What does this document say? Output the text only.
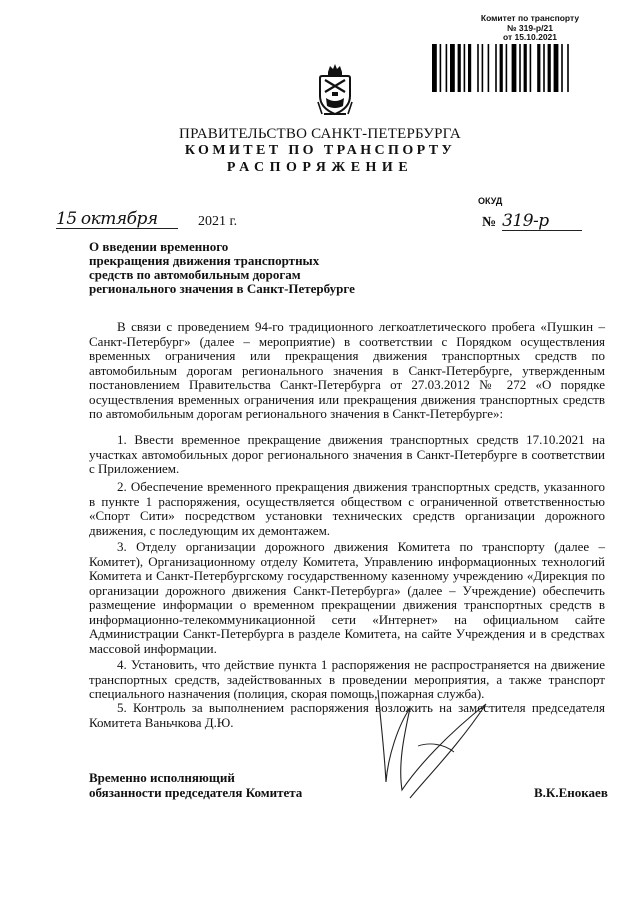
Комитет по транспорту
№ 319-р/21
от 15.10.2021
ПРАВИТЕЛЬСТВО САНКТ-ПЕТЕРБУРГА
КОМИТЕТ ПО ТРАНСПОРТУ
РАСПОРЯЖЕНИЕ
ОКУД
15 октября	2021 г.	№ 319-р
О введении временного
прекращения движения транспортных
средств по автомобильным дорогам
регионального значения в Санкт-Петербурге

В связи с проведением 94-го традиционного легкоатлетического пробега «Пушкин – Санкт-Петербург» (далее – мероприятие) в соответствии с Порядком осуществления временных ограничения или прекращения движения транспортных средств по автомобильным дорогам регионального значения в Санкт-Петербурге, утвержденным постановлением Правительства Санкт-Петербурга от 27.03.2012 № 272 «О порядке осуществления временных ограничения или прекращения движения транспортных средств по автомобильным дорогам регионального значения в Санкт-Петербурге»:

1. Ввести временное прекращение движения транспортных средств 17.10.2021 на участках автомобильных дорог регионального значения в Санкт-Петербурге в соответствии с Приложением.

2. Обеспечение временного прекращения движения транспортных средств, указанного в пункте 1 распоряжения, осуществляется обществом с ограниченной ответственностью «Спорт Сити» посредством установки технических средств организации дорожного движения, с последующим их демонтажем.

3. Отделу организации дорожного движения Комитета по транспорту (далее – Комитет), Организационному отделу Комитета, Управлению информационных технологий Комитета и Санкт-Петербургскому государственному казенному учреждению «Дирекция по организации дорожного движения Санкт-Петербурга» (далее – Учреждение) обеспечить размещение информации о временном прекращении движения транспортных средств в информационно-телекоммуникационной сети «Интернет» на официальном сайте Администрации Санкт-Петербурга в разделе Комитета, на сайте Учреждения и в средствах массовой информации.

4. Установить, что действие пункта 1 распоряжения не распространяется на движение транспортных средств, задействованных в проведении мероприятия, а также транспорт специального назначения (полиция, скорая помощь, пожарная служба).

5. Контроль за выполнением распоряжения возложить на заместителя председателя Комитета Ваньчкова Д.Ю.

Временно исполняющий
обязанности председателя Комитета	В.К.Енокаев
